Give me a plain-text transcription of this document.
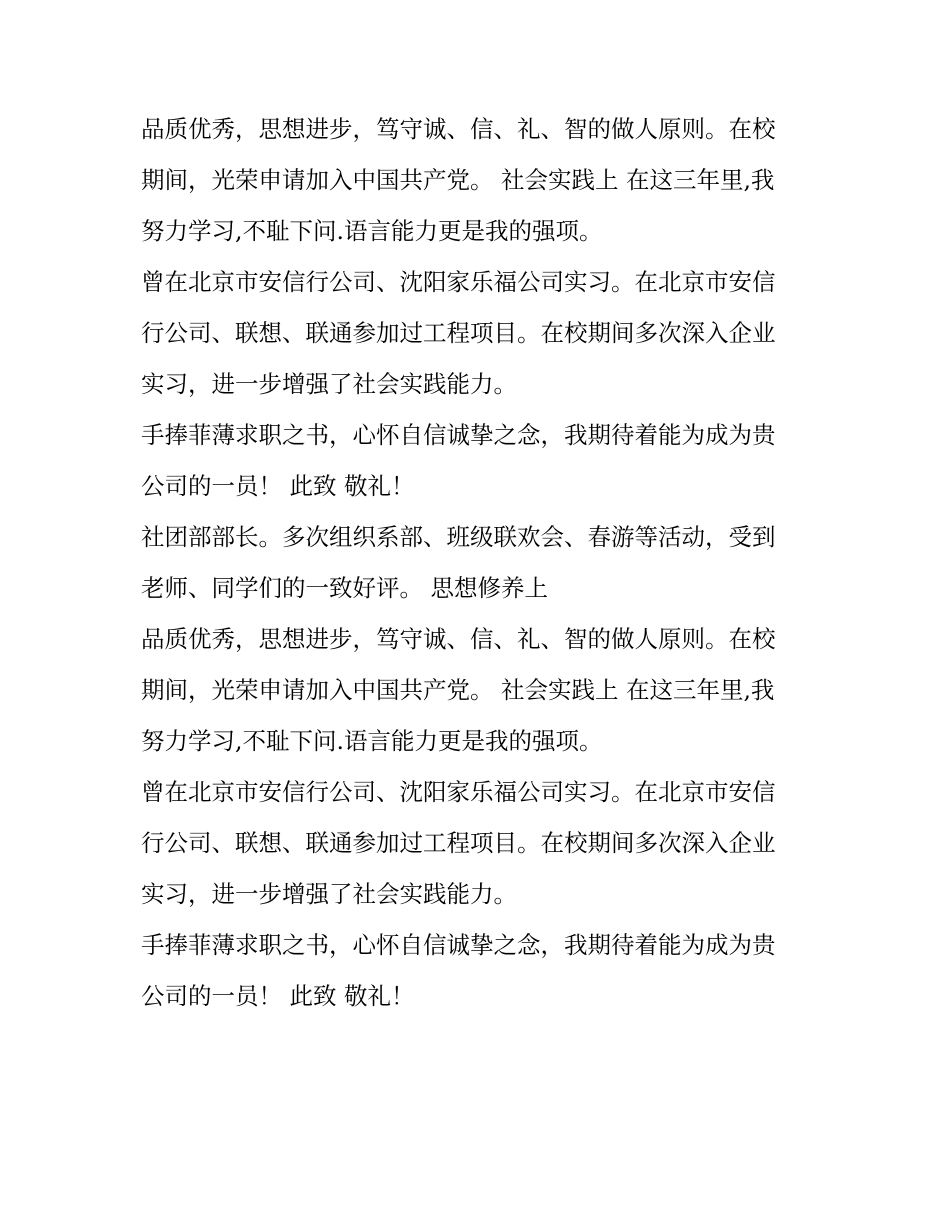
品质优秀，思想进步，笃守诚、信、礼、智的做人原则。在校
期间，光荣申请加入中国共产党。 社会实践上 在这三年里,我
努力学习,不耻下问.语言能力更是我的强项。

曾在北京市安信行公司、沈阳家乐福公司实习。在北京市安信
行公司、联想、联通参加过工程项目。在校期间多次深入企业
实习，进一步增强了社会实践能力。

手捧菲薄求职之书，心怀自信诚挚之念，我期待着能为成为贵
公司的一员！ 此致 敬礼！

社团部部长。多次组织系部、班级联欢会、春游等活动，受到
老师、同学们的一致好评。 思想修养上

品质优秀，思想进步，笃守诚、信、礼、智的做人原则。在校
期间，光荣申请加入中国共产党。 社会实践上 在这三年里,我
努力学习,不耻下问.语言能力更是我的强项。

曾在北京市安信行公司、沈阳家乐福公司实习。在北京市安信
行公司、联想、联通参加过工程项目。在校期间多次深入企业
实习，进一步增强了社会实践能力。

手捧菲薄求职之书，心怀自信诚挚之念，我期待着能为成为贵
公司的一员！ 此致 敬礼！
